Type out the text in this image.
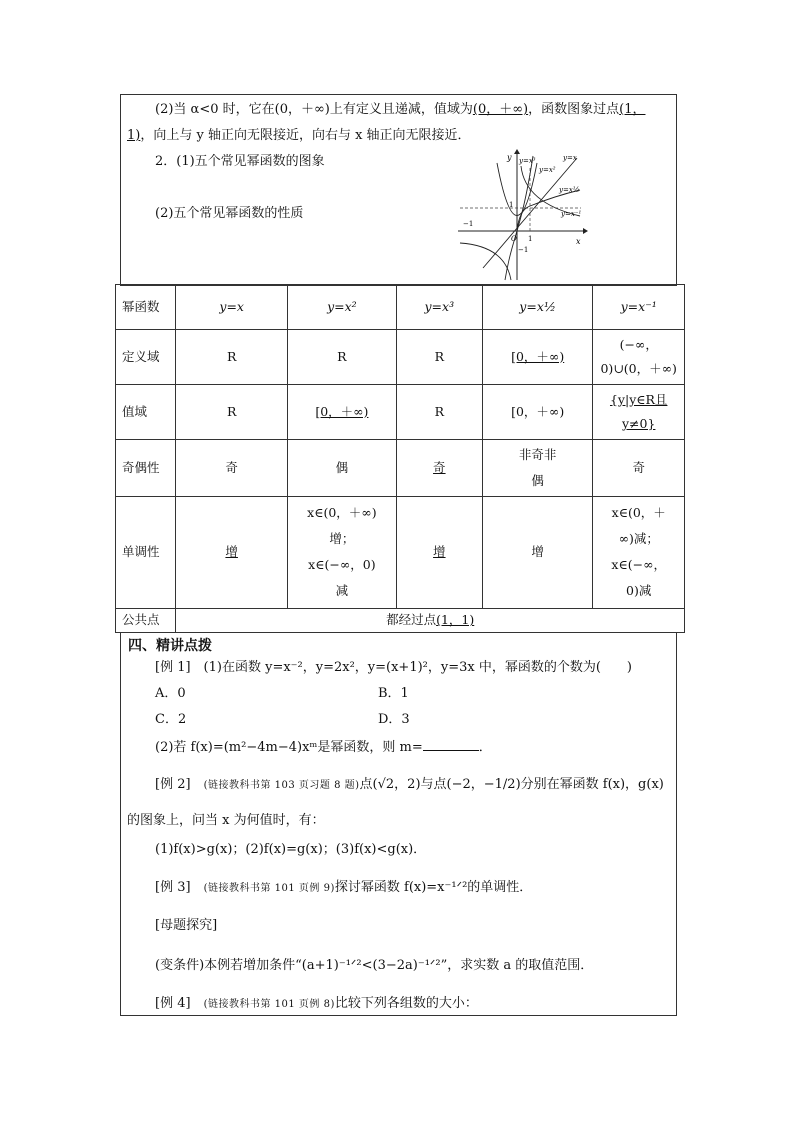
(2)当 α<0 时，它在(0，＋∞)上有定义且递减，值域为(0，＋∞)，函数图象过点(1，
1)，向上与 y 轴正向无限接近，向右与 x 轴正向无限接近．
2．(1)五个常见幂函数的图象
(2)五个常见幂函数的性质
y
x
y=x³
y=x²
y=x
y=x½
y=x⁻¹
1
−1
O 1
−1
幂函数	y=x	y=x²	y=x³	y=x½	y=x⁻¹
定义域	R	R	R	[0，＋∞)	(−∞，0)∪(0，＋∞)
值域	R	[0，＋∞)	R	[0，＋∞)	{y|y∈R且 y≠0}
奇偶性	奇	偶	奇	非奇非偶	奇
单调性	增	x∈(0，＋∞)增；x∈(−∞，0)减	增	增	x∈(0，＋∞)减；x∈(−∞，0)减
公共点	都经过点(1，1)				
四、精讲点拨
[例 1]　(1)在函数 y=x⁻²，y=2x²，y=(x+1)²，y=3x 中，幂函数的个数为(　　)
A．0	B．1
C．2	D．3
(2)若 f(x)=(m²−4m−4)xᵐ是幂函数，则 m=	．
[例 2]　 (链接教科书第 103 页习题 8 题)点(√2，2)与点(−2，−1/2)分别在幂函数 f(x)，g(x)
的图象上，问当 x 为何值时，有：
(1)f(x)>g(x)；(2)f(x)=g(x)；(3)f(x)<g(x)．
[例 3]　 (链接教科书第 101 页例 9)探讨幂函数 f(x)=x⁻¹ᐟ²的单调性．
[母题探究]
(变条件)本例若增加条件“(a+1)⁻¹ᐟ²<(3−2a)⁻¹ᐟ²”，求实数 a 的取值范围．
[例 4]　 (链接教科书第 101 页例 8)比较下列各组数的大小：
